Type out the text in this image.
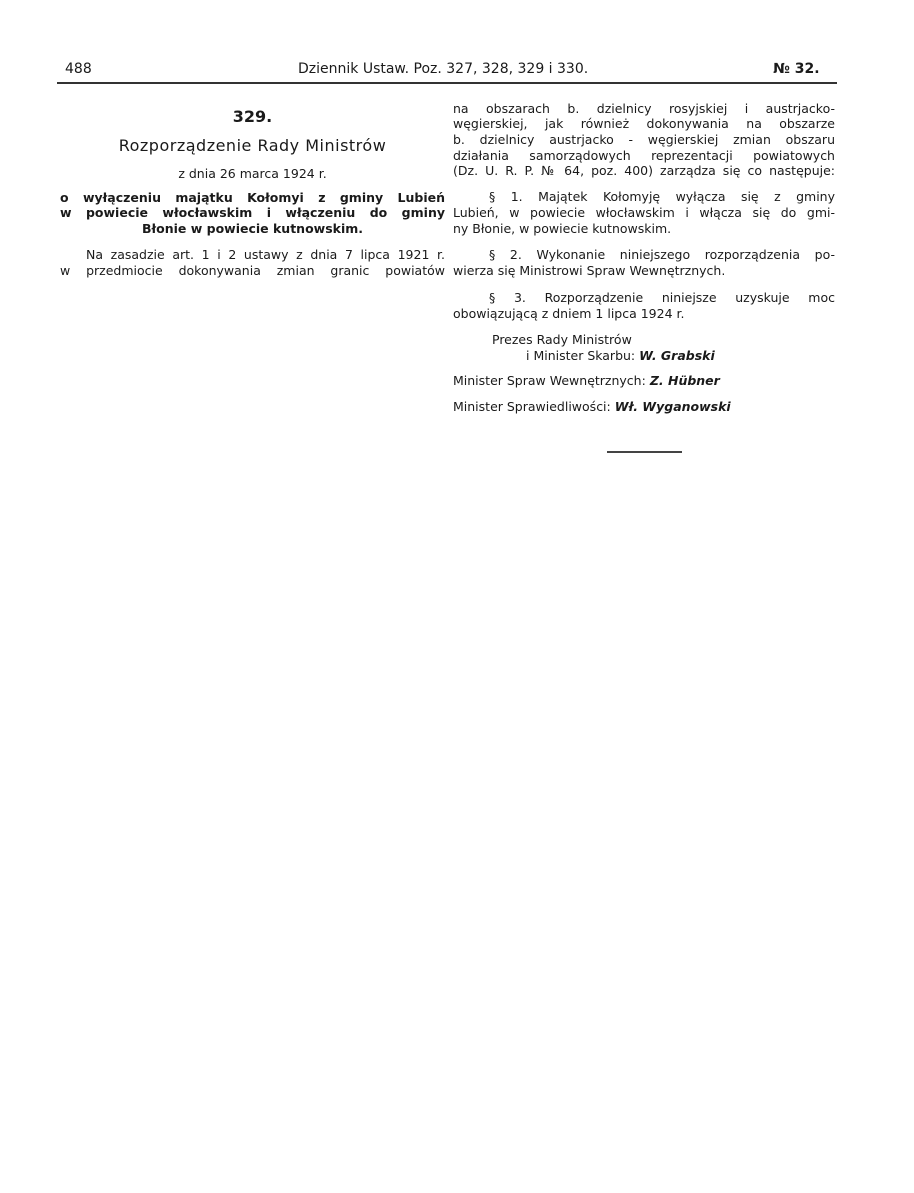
488	Dziennik Ustaw. Poz. 327, 328, 329 i 330.	№ 32.
329.
Rozporządzenie Rady Ministrów
z dnia 26 marca 1924 r.
o wyłączeniu majątku Kołomyi z gminy Lubień
w powiecie włocławskim i włączeniu do gminy
Błonie w powiecie kutnowskim.
Na zasadzie art. 1 i 2 ustawy z dnia 7 lipca 1921 r.
w przedmiocie dokonywania zmian granic powiatów
na obszarach b. dzielnicy rosyjskiej i austrjacko-
węgierskiej, jak również dokonywania na obszarze
b. dzielnicy austrjacko - węgierskiej zmian obszaru
działania samorządowych reprezentacji powiatowych
(Dz. U. R. P. № 64, poz. 400) zarządza się co następuje:
§ 1. Majątek Kołomyję wyłącza się z gminy
Lubień, w powiecie włocławskim i włącza się do gmi-
ny Błonie, w powiecie kutnowskim.
§ 2. Wykonanie niniejszego rozporządzenia po-
wierza się Ministrowi Spraw Wewnętrznych.
§ 3. Rozporządzenie niniejsze uzyskuje moc
obowiązującą z dniem 1 lipca 1924 r.
Prezes Rady Ministrów
i Minister Skarbu: W. Grabski
Minister Spraw Wewnętrznych: Z. Hübner
Minister Sprawiedliwości: Wł. Wyganowski
